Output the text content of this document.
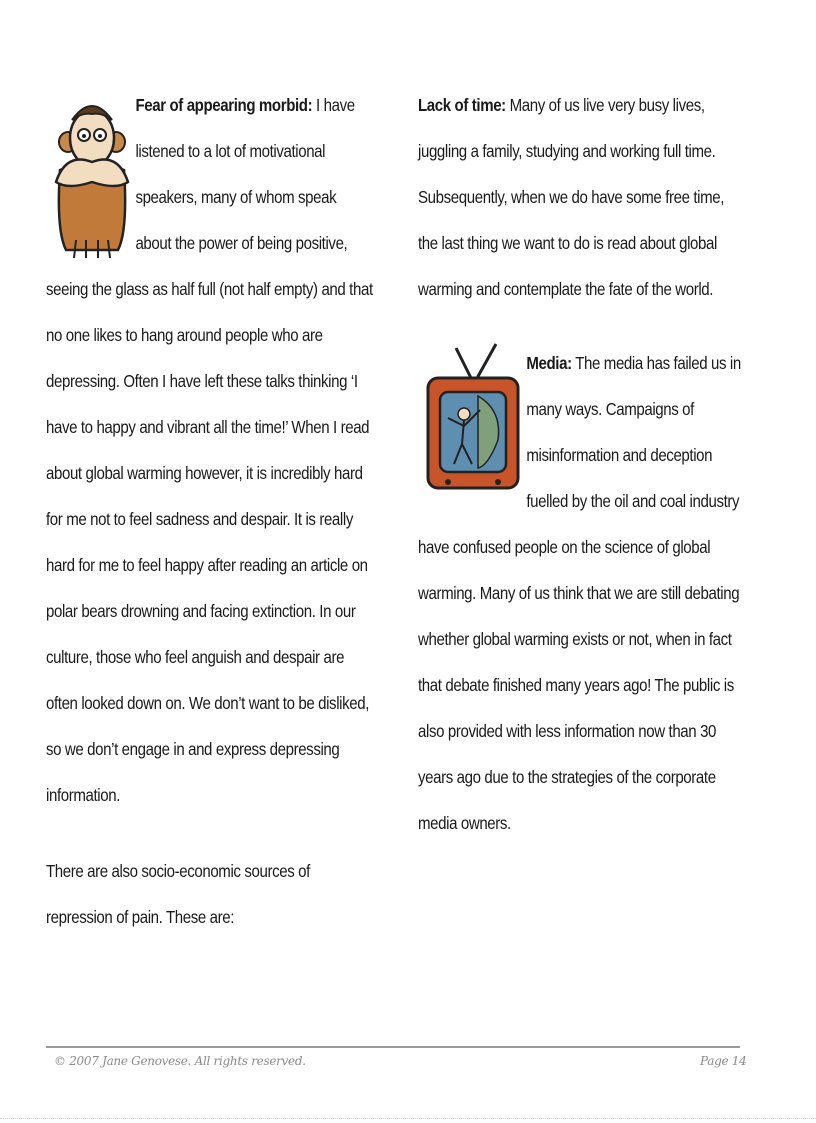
Fear of appearing morbid: I have listened to a lot of motivational speakers, many of whom speak about the power of being positive, seeing the glass as half full (not half empty) and that no one likes to hang around people who are depressing. Often I have left these talks thinking ‘I have to happy and vibrant all the time!’ When I read about global warming however, it is incredibly hard for me not to feel sadness and despair. It is really hard for me to feel happy after reading an article on polar bears drowning and facing extinction. In our culture, those who feel anguish and despair are often looked down on. We don’t want to be disliked, so we don’t engage in and express depressing information.

There are also socio-economic sources of repression of pain. These are:

Lack of time: Many of us live very busy lives, juggling a family, studying and working full time. Subsequently, when we do have some free time, the last thing we want to do is read about global warming and contemplate the fate of the world.

Media: The media has failed us in many ways. Campaigns of misinformation and deception fuelled by the oil and coal industry have confused people on the science of global warming. Many of us think that we are still debating whether global warming exists or not, when in fact that debate finished many years ago! The public is also provided with less information now than 30 years ago due to the strategies of the corporate media owners.

© 2007 Jane Genovese. All rights reserved.	Page 14
